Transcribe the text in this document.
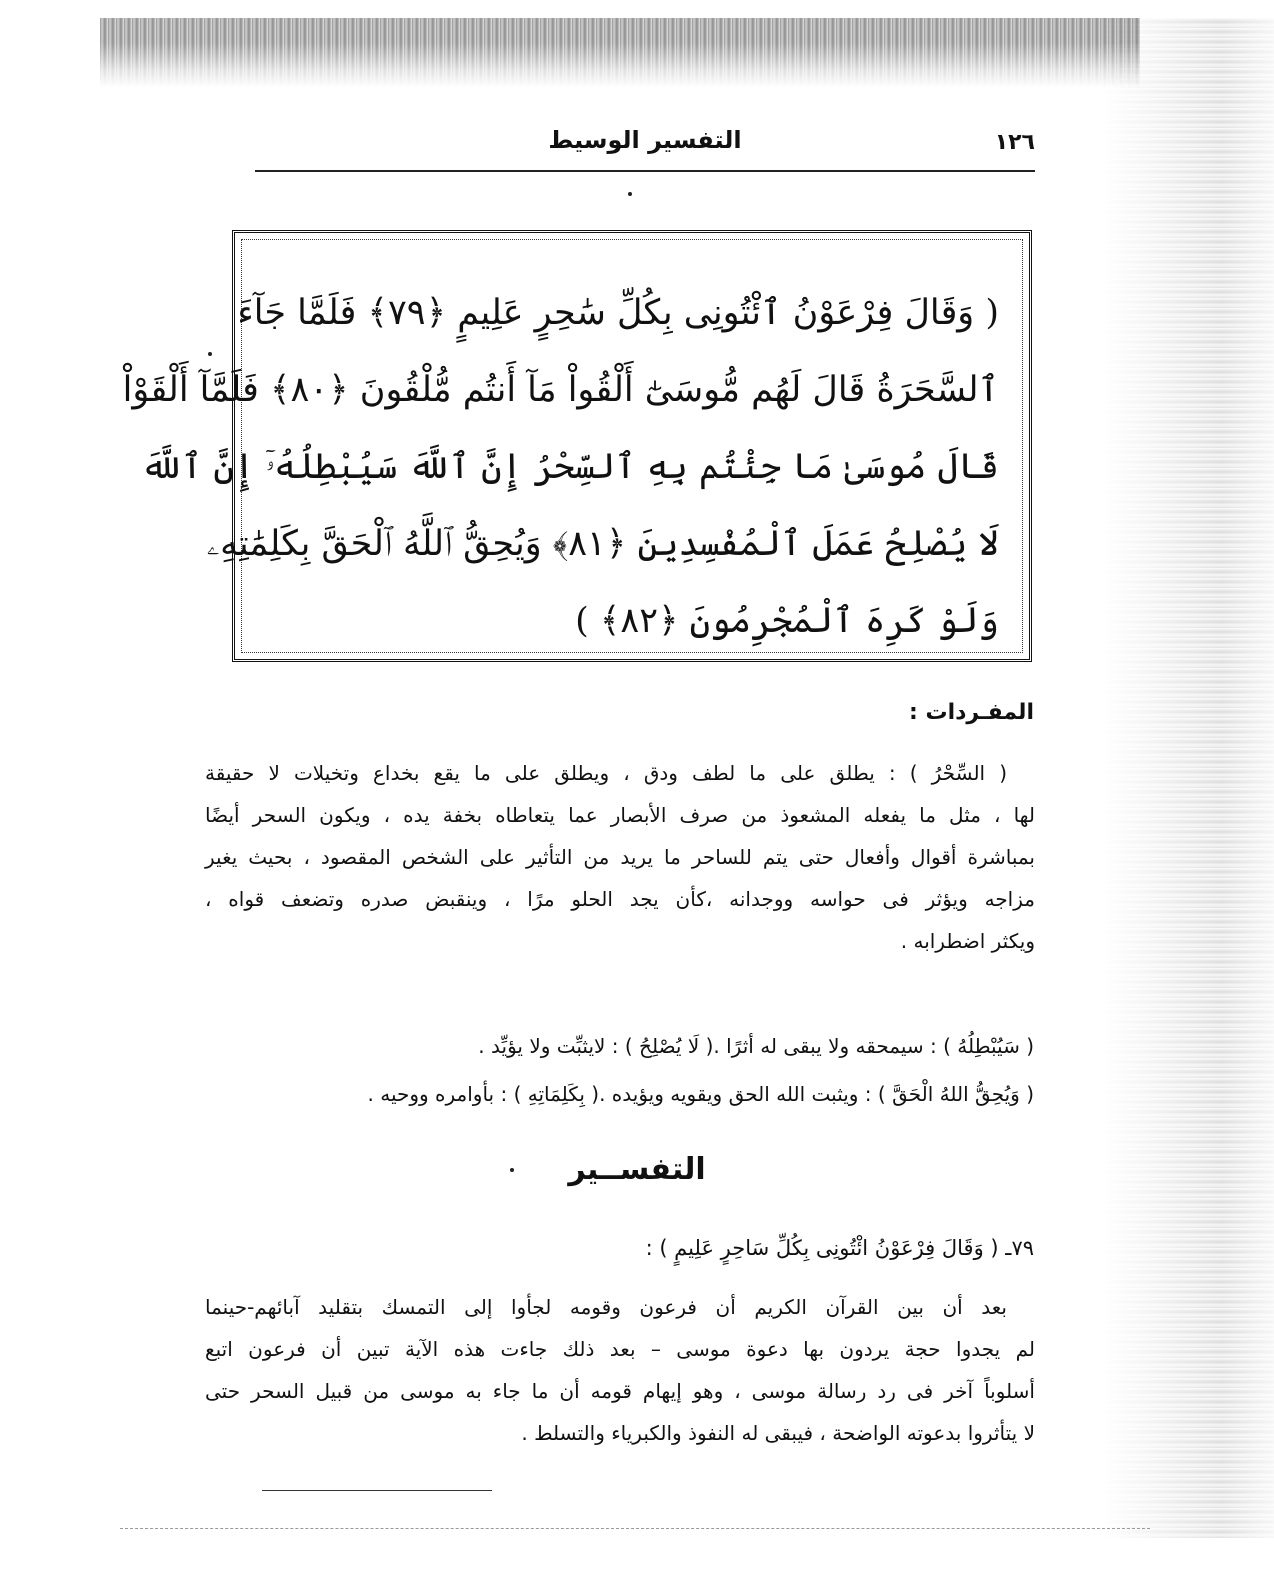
١٢٦
التفسير الوسيط
( وَقَالَ فِرْعَوْنُ ٱئْتُونِى بِكُلِّ سَٰحِرٍ عَلِيمٍ ﴿٧٩﴾ فَلَمَّا جَآءَ
ٱلسَّحَرَةُ قَالَ لَهُم مُّوسَىٰٓ أَلْقُواْ مَآ أَنتُم مُّلْقُونَ ﴿٨٠﴾ فَلَمَّآ أَلْقَوْاْ
قَالَ مُوسَىٰ مَا جِئْتُم بِهِ ٱلسِّحْرُ إِنَّ ٱللَّهَ سَيُبْطِلُهُۥٓ إِنَّ ٱللَّهَ
لَا يُصْلِحُ عَمَلَ ٱلْمُفْسِدِينَ ﴿٨١﴾ وَيُحِقُّ ٱللَّهُ ٱلْحَقَّ بِكَلِمَٰتِهِۦ
وَلَوْ كَرِهَ ٱلْمُجْرِمُونَ ﴿٨٢﴾ )
المفـردات :
( السِّحْرُ ) : يطلق على ما لطف ودق ، ويطلق على ما يقع بخداع وتخيلات لا حقيقة
لها ، مثل ما يفعله المشعوذ من صرف الأبصار عما يتعاطاه بخفة يده ، ويكون السحر أيضًا
بمباشرة أقوال وأفعال حتى يتم للساحر ما يريد من التأثير على الشخص المقصود ، بحيث يغير
مزاجه ويؤثر فى حواسه ووجدانه ،كأن يجد الحلو مرًا ، وينقبض صدره وتضعف قواه ،
ويكثر اضطرابه .
( سَيُبْطِلُهُ ) : سيمحقه ولا يبقى له أثرًا .( لَا يُصْلِحُ ) : لايثبِّت ولا يؤيِّد .
( وَيُحِقُّ اللهُ الْحَقَّ ) : ويثبت الله الحق ويقويه ويؤيده .( بِكَلِمَاتِهِ ) : بأوامره ووحيه .
التفســير
٧٩ـ ( وَقَالَ فِرْعَوْنُ ائْتُونِى بِكُلِّ سَاحِرٍ عَلِيمٍ ) :
بعد أن بين القرآن الكريم أن فرعون وقومه لجأوا إلى التمسك بتقليد آبائهم-حينما
لم يجدوا حجة يردون بها دعوة موسى – بعد ذلك جاءت هذه الآية تبين أن فرعون اتبع
أسلوباً آخر فى رد رسالة موسى ، وهو إيهام قومه أن ما جاء به موسى من قبيل السحر حتى
لا يتأثروا بدعوته الواضحة ، فيبقى له النفوذ والكبرياء والتسلط .
